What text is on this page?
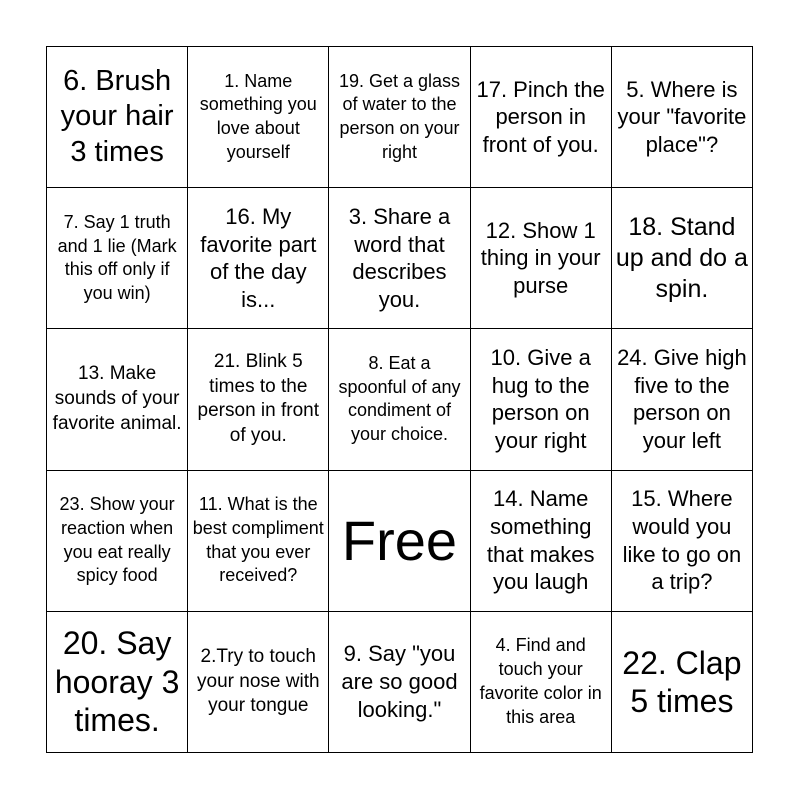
6. Brush your hair 3 times
1. Name something you love about yourself
19. Get a glass of water to the person on your right
17. Pinch the person in front of you.
5. Where is your "favorite place"?
7. Say 1 truth and 1 lie (Mark this off only if you win)
16. My favorite part of the day is...
3. Share a word that describes you.
12. Show 1 thing in your purse
18. Stand up and do a spin.
13. Make sounds of your favorite animal.
21. Blink 5 times to the person in front of you.
8. Eat a spoonful of any condiment of your choice.
10. Give a hug to the person on your right
24. Give high five to the person on your left
23. Show your reaction when you eat really spicy food
11. What is the best compliment that you ever received?
Free
14. Name something that makes you laugh
15. Where would you like to go on a trip?
20. Say hooray 3 times.
2.Try to touch your nose with your tongue
9. Say "you are so good looking."
4. Find and touch your favorite color in this area
22. Clap 5 times
